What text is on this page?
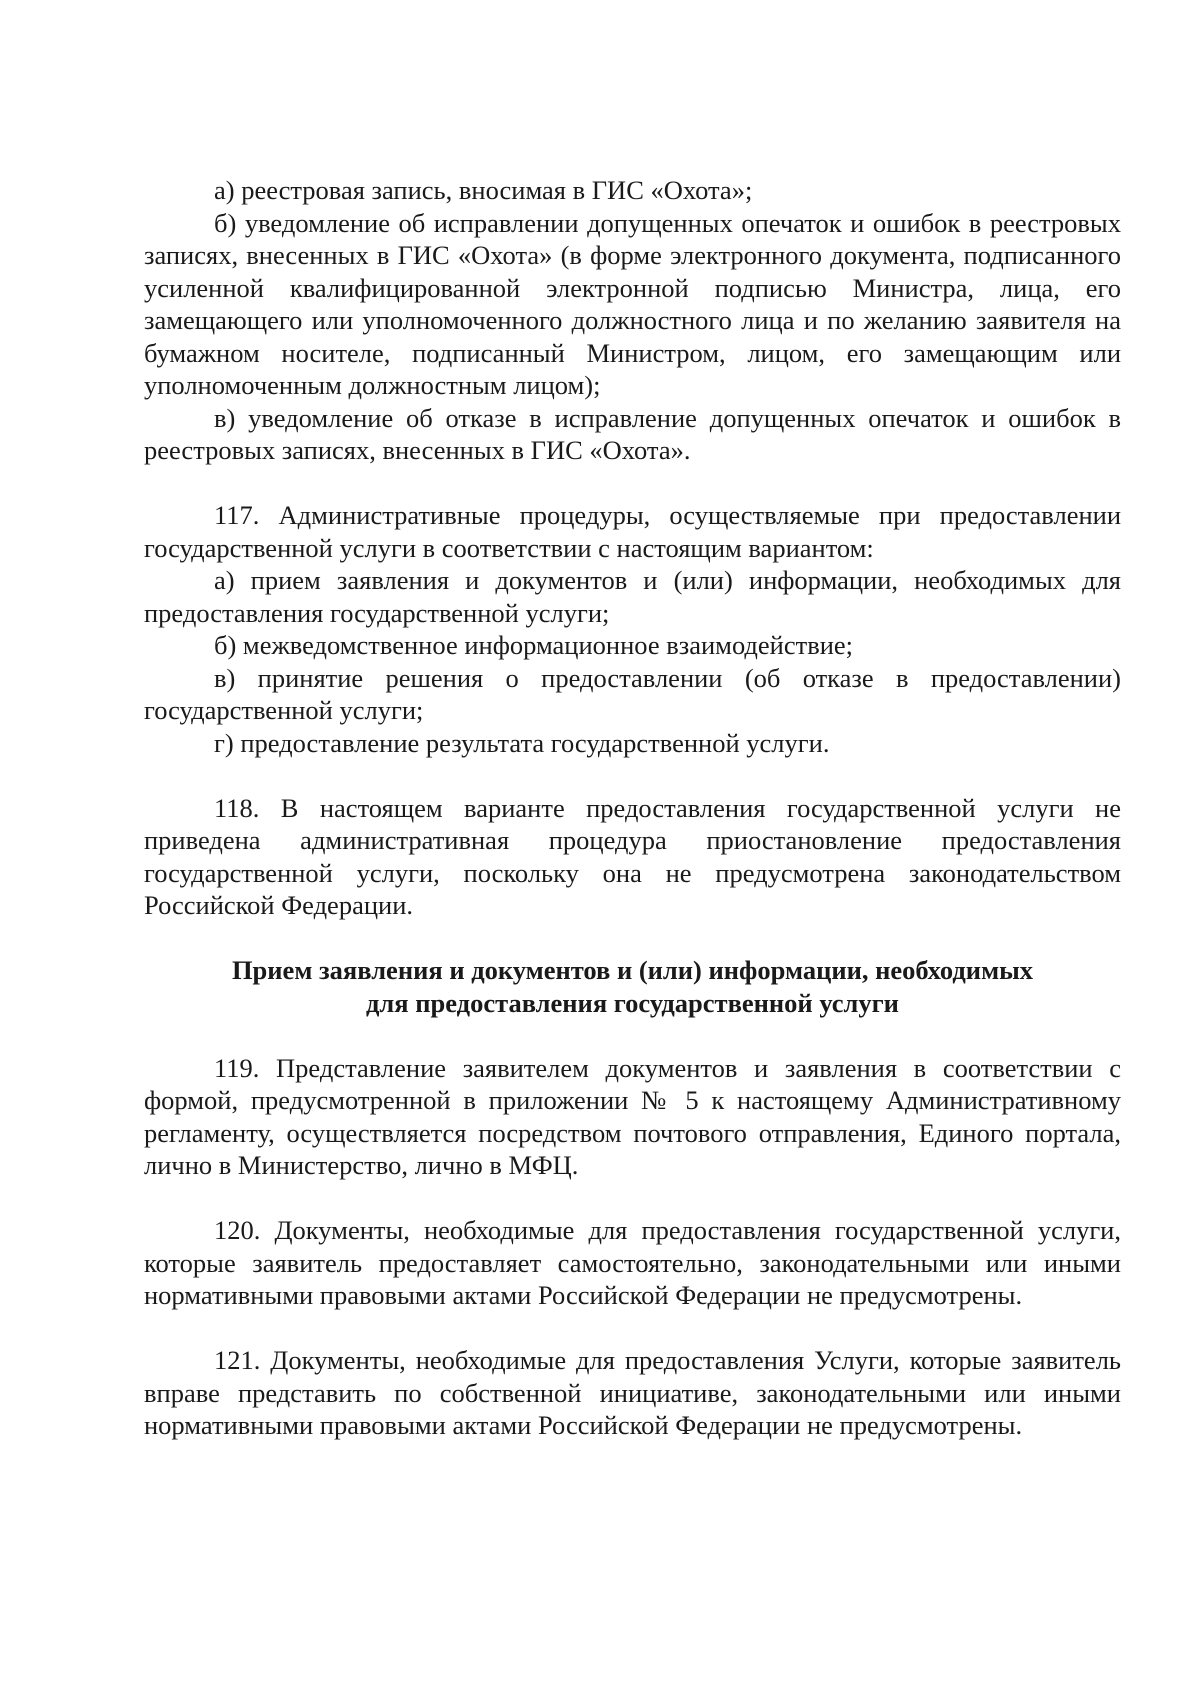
а) реестровая запись, вносимая в ГИС «Охота»;

б) уведомление об исправлении допущенных опечаток и ошибок в реестровых записях, внесенных в ГИС «Охота» (в форме электронного документа, подписанного усиленной квалифицированной электронной подписью Министра, лица, его замещающего или уполномоченного должностного лица и по желанию заявителя на бумажном носителе, подписанный Министром, лицом, его замещающим или уполномоченным должностным лицом);

в) уведомление об отказе в исправление допущенных опечаток и ошибок в реестровых записях, внесенных в ГИС «Охота».

117. Административные процедуры, осуществляемые при предоставлении государственной услуги в соответствии с настоящим вариантом:

а) прием заявления и документов и (или) информации, необходимых для предоставления государственной услуги;

б) межведомственное информационное взаимодействие;

в) принятие решения о предоставлении (об отказе в предоставлении) государственной услуги;

г) предоставление результата государственной услуги.

118. В настоящем варианте предоставления государственной услуги не приведена административная процедура приостановление предоставления государственной услуги, поскольку она не предусмотрена законодательством Российской Федерации.

Прием заявления и документов и (или) информации, необходимых
для предоставления государственной услуги

119. Представление заявителем документов и заявления в соответствии с формой, предусмотренной в приложении № 5 к настоящему Административному регламенту, осуществляется посредством почтового отправления, Единого портала, лично в Министерство, лично в МФЦ.

120. Документы, необходимые для предоставления государственной услуги, которые заявитель предоставляет самостоятельно, законодательными или иными нормативными правовыми актами Российской Федерации не предусмотрены.

121. Документы, необходимые для предоставления Услуги, которые заявитель вправе представить по собственной инициативе, законодательными или иными нормативными правовыми актами Российской Федерации не предусмотрены.
